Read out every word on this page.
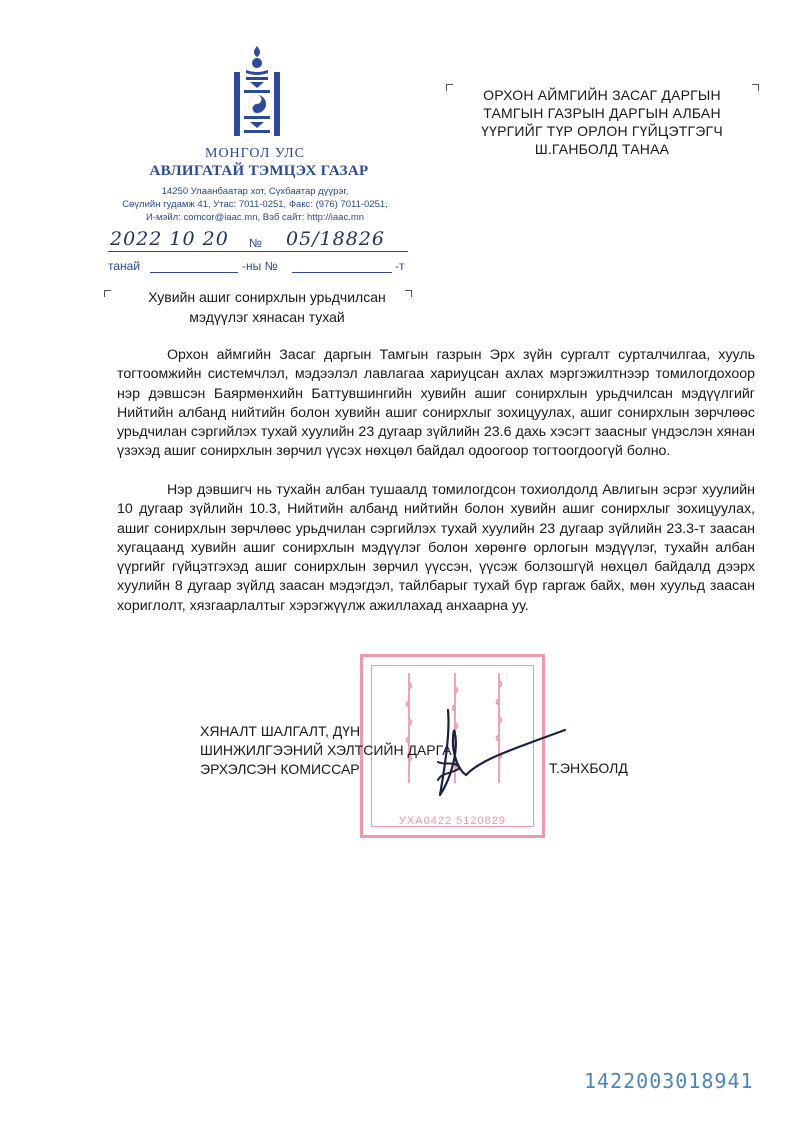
МОНГОЛ УЛС
АВЛИГАТАЙ ТЭМЦЭХ ГАЗАР
14250 Улаанбаатар хот, Сүхбаатар дүүрэг,
Сөүлийн гудамж 41, Утас: 7011-0251, Факс: (976) 7011-0251,
И-мэйл: comcor@iaac.mn, Вэб сайт: http://iaac.mn
2022 10 20 № 05/18826
танай	-ны №	-т
ОРХОН АЙМГИЙН ЗАСАГ ДАРГЫН
ТАМГЫН ГАЗРЫН ДАРГЫН АЛБАН
ҮҮРГИЙГ ТҮР ОРЛОН ГҮЙЦЭТГЭГЧ
Ш.ГАНБОЛД ТАНАА
Хувийн ашиг сонирхлын урьдчилсан
мэдүүлэг хянасан тухай
Орхон аймгийн Засаг даргын Тамгын газрын Эрх зүйн сургалт сурталчилгаа, хууль тогтоомжийн системчлэл, мэдээлэл лавлагаа хариуцсан ахлах мэргэжилтнээр томилогдохоор нэр дэвшсэн Баярмөнхийн Баттувшингийн хувийн ашиг сонирхлын урьдчилсан мэдүүлгийг Нийтийн албанд нийтийн болон хувийн ашиг сонирхлыг зохицуулах, ашиг сонирхлын зөрчлөөс урьдчилан сэргийлэх тухай хуулийн 23 дугаар зүйлийн 23.6 дахь хэсэгт заасныг үндэслэн хянан үзэхэд ашиг сонирхлын зөрчил үүсэх нөхцөл байдал одоогоор тогтоогдоогүй болно.
Нэр дэвшигч нь тухайн албан тушаалд томилогдсон тохиолдолд Авлигын эсрэг хуулийн 10 дугаар зүйлийн 10.3, Нийтийн албанд нийтийн болон хувийн ашиг сонирхлыг зохицуулах, ашиг сонирхлын зөрчлөөс урьдчилан сэргийлэх тухай хуулийн 23 дугаар зүйлийн 23.3-т заасан хугацаанд хувийн ашиг сонирхлын мэдүүлэг болон хөрөнгө орлогын мэдүүлэг, тухайн албан үүргийг гүйцэтгэхэд ашиг сонирхлын зөрчил үүссэн, үүсэж болзошгүй нөхцөл байдалд дээрх хуулийн 8 дугаар зүйлд заасан мэдэгдэл, тайлбарыг тухай бүр гаргаж байх, мөн хуульд заасан хориглолт, хязгаарлалтыг хэрэгжүүлж ажиллахад анхаарна уу.
УХА0422 5120829
ХЯНАЛТ ШАЛГАЛТ, ДҮН
ШИНЖИЛГЭЭНИЙ ХЭЛТСИЙН ДАРГА
ЭРХЭЛСЭН КОМИССАР	Т.ЭНХБОЛД
1422003018941
